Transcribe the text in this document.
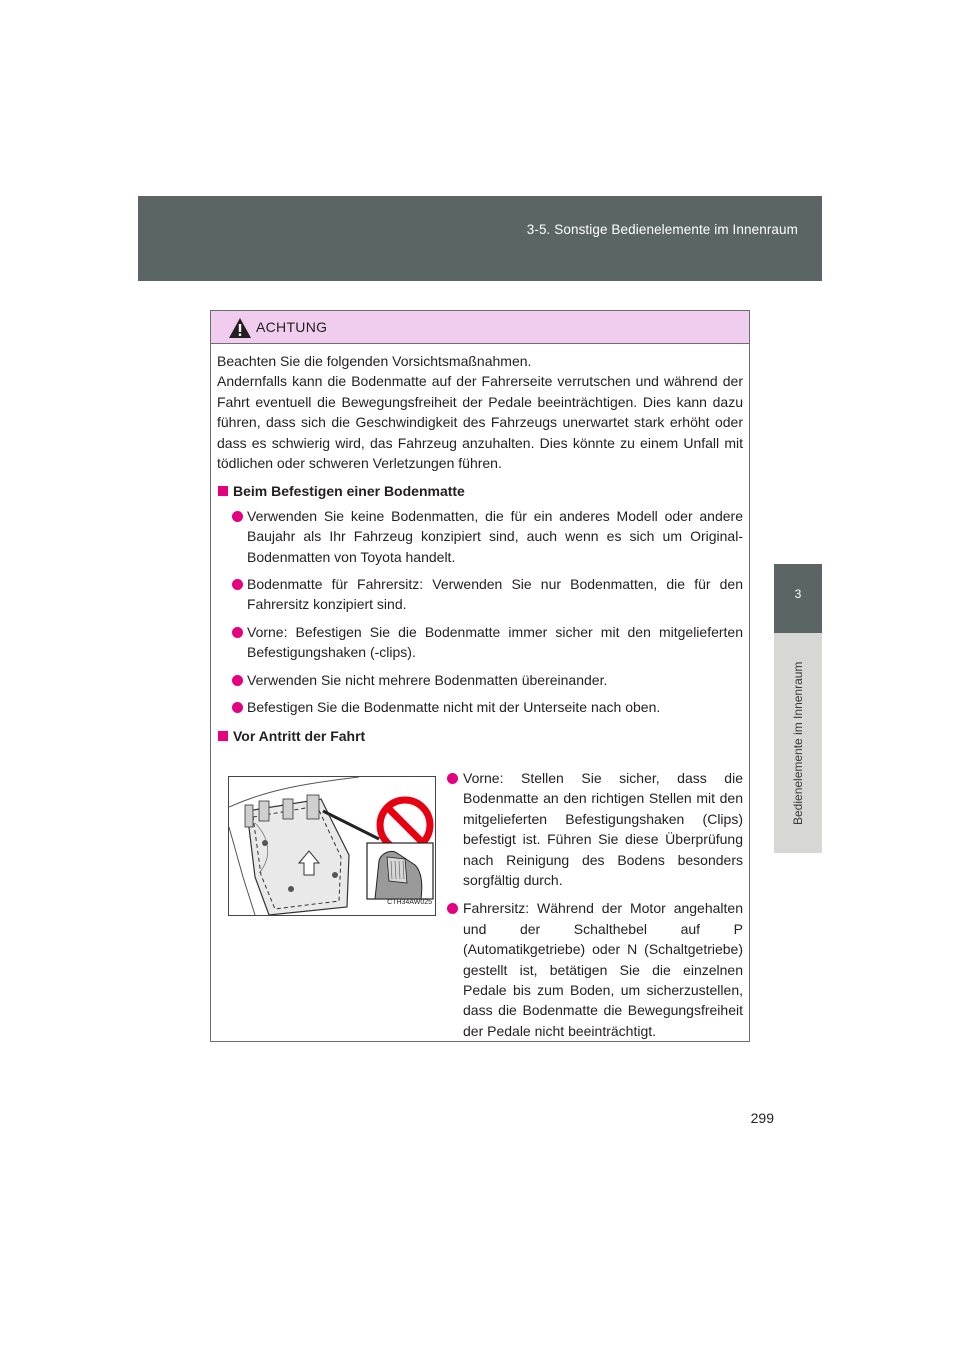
3-5. Sonstige Bedienelemente im Innenraum
3
Bedienelemente im Innenraum
ACHTUNG

Beachten Sie die folgenden Vorsichtsmaßnahmen.

Andernfalls kann die Bodenmatte auf der Fahrerseite verrutschen und während der Fahrt eventuell die Bewegungsfreiheit der Pedale beeinträchtigen. Dies kann dazu führen, dass sich die Geschwindigkeit des Fahrzeugs unerwartet stark erhöht oder dass es schwierig wird, das Fahrzeug anzuhalten. Dies könnte zu einem Unfall mit tödlichen oder schweren Verletzungen führen.

Beim Befestigen einer Bodenmatte
Verwenden Sie keine Bodenmatten, die für ein anderes Modell oder andere Baujahr als Ihr Fahrzeug konzipiert sind, auch wenn es sich um Original-Bodenmatten von Toyota handelt.
Bodenmatte für Fahrersitz: Verwenden Sie nur Bodenmatten, die für den Fahrersitz konzipiert sind.
Vorne: Befestigen Sie die Bodenmatte immer sicher mit den mitgelieferten Befestigungshaken (-clips).
Verwenden Sie nicht mehrere Bodenmatten übereinander.
Befestigen Sie die Bodenmatte nicht mit der Unterseite nach oben.
Vor Antritt der Fahrt
CTH34AW025
Vorne: Stellen Sie sicher, dass die Bodenmatte an den richtigen Stellen mit den mitgelieferten Befestigungshaken (Clips) befestigt ist. Führen Sie diese Überprüfung nach Reinigung des Bodens besonders sorgfältig durch.
Fahrersitz: Während der Motor angehalten und der Schalthebel auf P (Automatikgetriebe) oder N (Schaltgetriebe) gestellt ist, betätigen Sie die einzelnen Pedale bis zum Boden, um sicherzustellen, dass die Bodenmatte die Bewegungsfreiheit der Pedale nicht beeinträchtigt.
299
